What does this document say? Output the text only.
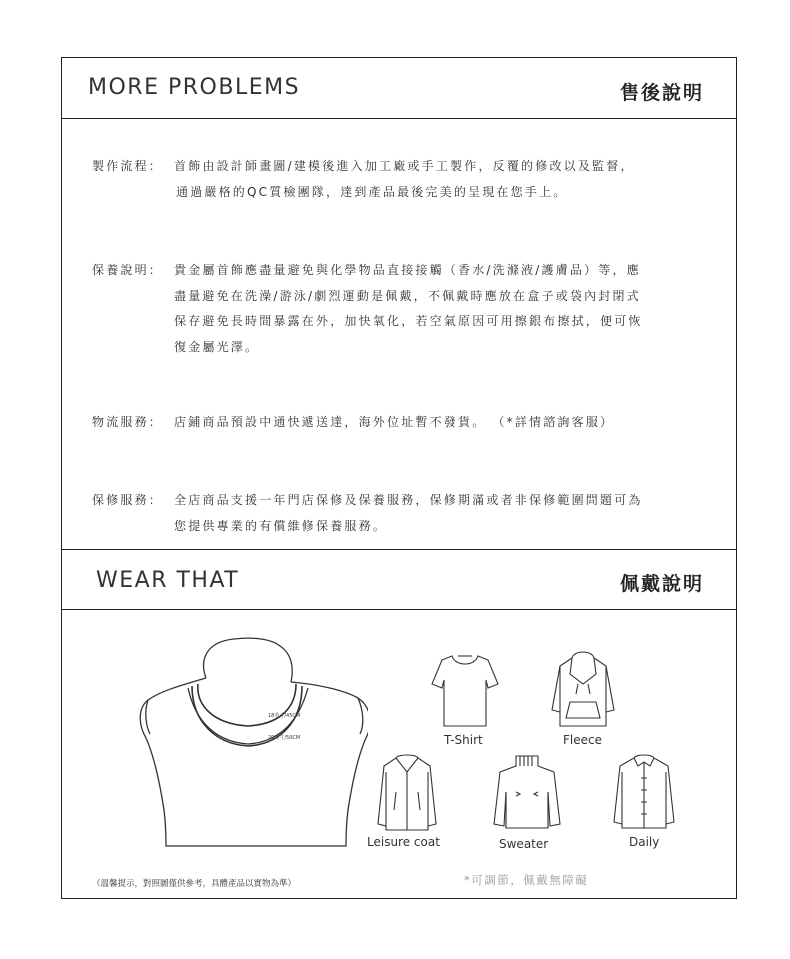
MORE PROBLEMS	售後說明
製作流程： 首飾由設計師畫圖/建模後進入加工廠或手工製作，反覆的修改以及監督，
通過嚴格的QC質檢團隊，達到產品最後完美的呈現在您手上。
保養說明： 貴金屬首飾應盡量避免與化學物品直接接觸（香水/洗滌液/護膚品）等，應
盡量避免在洗澡/游泳/劇烈運動是佩戴，不佩戴時應放在盒子或袋內封閉式
保存避免長時間暴露在外，加快氧化，若空氣原因可用擦銀布擦拭，便可恢
復金屬光澤。
物流服務： 店鋪商品預設中通快遞送達，海外位址暫不發貨。 （*詳情諮詢客服）
保修服務： 全店商品支援一年門店保修及保養服務，保修期滿或者非保修範圍問題可為
您提供專業的有償維修保養服務。
WEAR THAT	佩戴說明
18英寸/45CM
20英寸/50CM	T-Shirt	Fleece
Leisure coat	Sweater	Daily
（溫馨提示，對照圖僅供參考，具體產品以實物為準）	*可調節，佩戴無障礙
